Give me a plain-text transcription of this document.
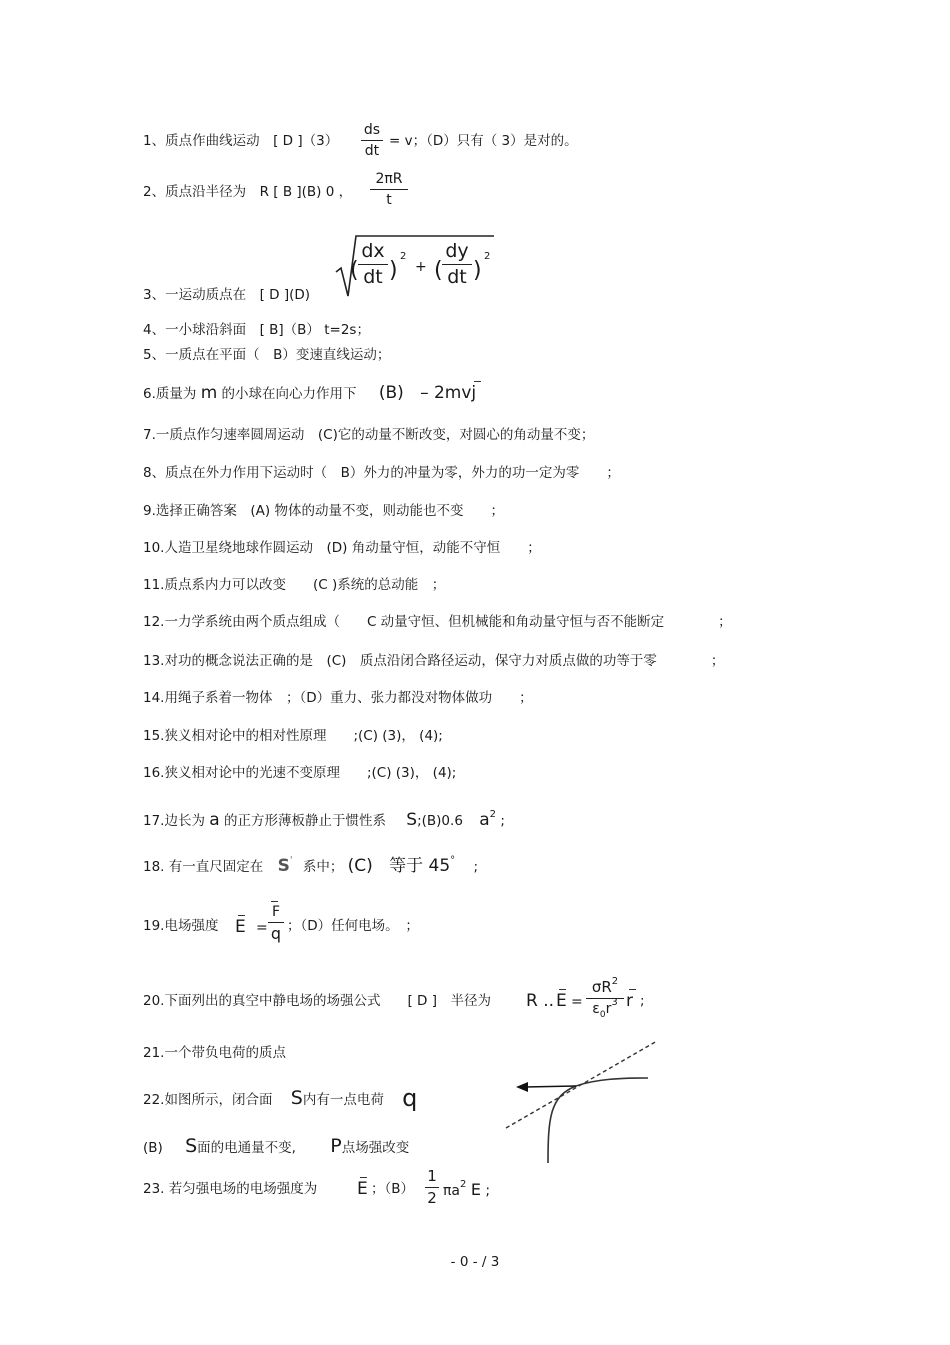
1、质点作曲线运动　[ D ]（3）
ds
dt
= v；（D）只有（ 3）是对的。
2、质点沿半径为　R [ B ](B) 0 ，
2πR
t
3、一运动质点在　[ D ](D)
(
dx
dt )
2
+ (
dy
dt )
2
4、一小球沿斜面　[ B]（B） t=2s；
5、一质点在平面（　B）变速直线运动；
6.质量为 m 的小球在向心力作用下 (B) – 2mvj
7.一质点作匀速率圆周运动　(C)它的动量不断改变，对圆心的角动量不变；
8、质点在外力作用下运动时（　B）外力的冲量为零，外力的功一定为零　　；
9.选择正确答案　(A) 物体的动量不变，则动能也不变　　；
10.人造卫星绕地球作圆运动　(D) 角动量守恒，动能不守恒　　；
11.质点系内力可以改变　　(C )系统的总动能　；
12.一力学系统由两个质点组成（　　C 动量守恒、但机械能和角动量守恒与否不能断定　　　　；
13.对功的概念说法正确的是　(C)　质点沿闭合路径运动，保守力对质点做的功等于零　　　　；
14.用绳子系着一物体　；（D）重力、张力都没对物体做功　　；
15.狭义相对论中的相对性原理　　;(C) (3)， (4);
16.狭义相对论中的光速不变原理　　;(C) (3)， (4);
17.边长为 a 的正方形薄板静止于惯性系 S;(B)0.6 $a^2$ ;
18. 有一直尺固定在 S' 系中； (C) 等于 45° ;
19.电场强度 E =
F
q ；（D）任何电场。　；
20.下面列出的真空中静电场的场强公式　　[ D ]　半径为 R .. E =
$\sigma R^2$
$\varepsilon_0r^3$ r ;
21.一个带负电荷的质点
22.如图所示，闭合面 S内有一点电荷 q
(B) S面的电通量不变, P点场强改变
23. 若匀强电场的电场强度为 E ；（B）
1
2 $\pi a^2$ E ;
- 0 - / 3
